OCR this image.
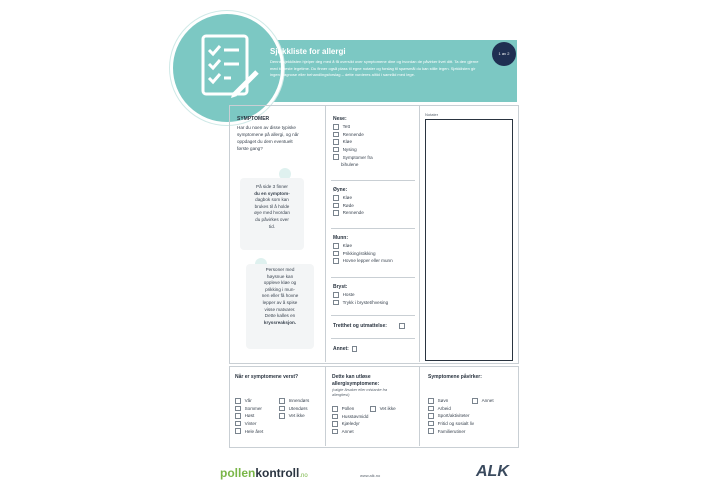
Sjekkliste for allergi
Denne sjekklisten hjelper deg med å få oversikt over symptomene dine og hvordan de påvirker livet ditt. Ta den gjerne med til neste legetime. Du finner også plass til egne notater og forslag til spørsmål du kan stille legen. Sjekklisten gir ingen diagnose eller behandlingsforslag – dette vurderes alltid i samråd med lege.
1 av 2
SYMPTOMER
Har du noen av disse typiske
symptomene på allergi, og når
oppdaget du dem eventuelt
første gang?
På side 3 finner
du en symptom-
dagbok som kan
brukes til å holde
øye med hvordan
du påvirkes over
tid.
Personer med
høysnue kan
oppleve kløe og
prikking i mun-
nen eller få hovne
lepper av å spise
visse matvarer.
Dette kalles en
kryssreaksjon.
Nese:
Tett
Rennende
Kløe
Nysing
Symptomer fra
bihulene
Øyne:
Kløe
Røde
Rennende
Munn:
Kløe
Prikking/stikking
Hovne lepper eller munn
Bryst:
Hoste
Trykk i brystet/hvesing
Tretthet og utmattelse:
Annet:
Notater
Når er symptomene verst?
Vår
Sommer
Høst
Vinter
Hele året
Innendørs
Utendørs
Vet ikke
Dette kan utløse
allergisymptomene:
(valgte årsaker eller mistanke fra
allergitest)
Pollen
Husstøvmidd
Kjæledyr
Annet
Vet ikke
Symptomene påvirker:
Søvn
Arbeid
Sport/aktiviteter
Fritid og sosialt liv
Familierutiner
Annet
pollenkontroll.no	www.alk.no	ALK
